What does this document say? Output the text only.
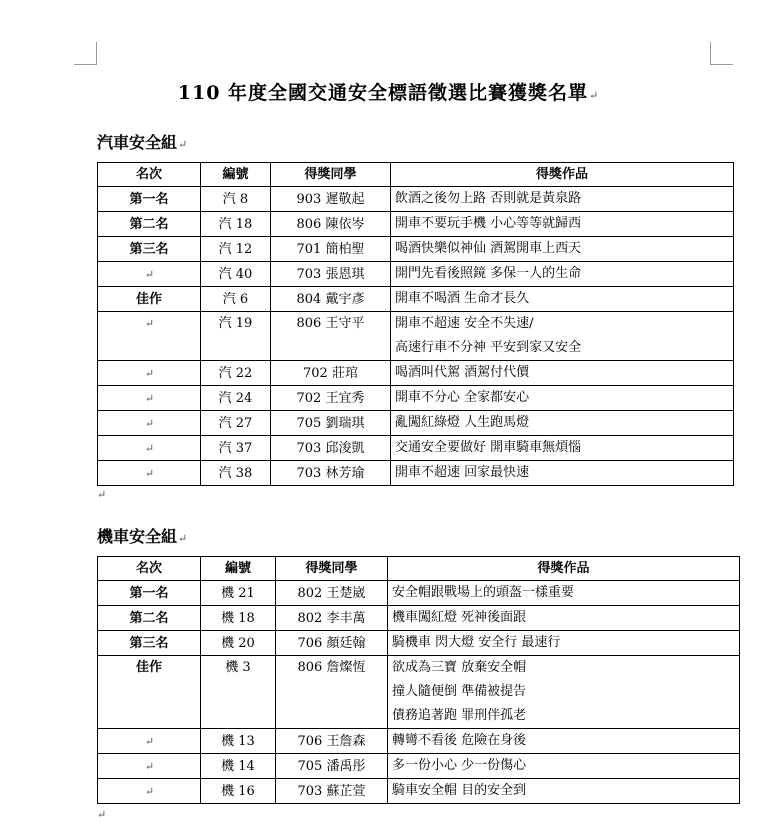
110 年度全國交通安全標語徵選比賽獲獎名單↵
汽車安全組↵
名次	編號	得獎同學	得獎作品
第一名	汽 8	903 遲敬起	飲酒之後勿上路 否則就是黃泉路

第二名	汽 18	806 陳依岑	開車不要玩手機 小心等等就歸西

第三名	汽 12	701 簡柏聖	喝酒快樂似神仙 酒駕開車上西天

↵	汽 40	703 張恩琪	開門先看後照鏡 多保一人的生命

佳作	汽 6	804 戴宇彥	開車不喝酒 生命才長久

↵	汽 19	806 王守平	開車不超速 安全不失速/
高速行車不分神 平安到家又安全

↵	汽 22	702 莊琯	喝酒叫代駕 酒駕付代價

↵	汽 24	702 王宜秀	開車不分心 全家都安心

↵	汽 27	705 劉瑞琪	亂闖紅綠燈 人生跑馬燈

↵	汽 37	703 邱浚凱	交通安全要做好 開車騎車無煩惱

↵	汽 38	703 林芳瑜	開車不超速 回家最快速
↵
機車安全組↵
名次	編號	得獎同學	得獎作品
第一名	機 21	802 王楚崴	安全帽跟戰場上的頭盔一樣重要

第二名	機 18	802 李丰萬	機車闖紅燈 死神後面跟

第三名	機 20	706 顏廷翰	騎機車 閃大燈 安全行 最速行

佳作	機 3	806 詹燦恆	欲成為三寶 放棄安全帽
撞人隨便倒 準備被提告
債務追著跑 罪刑伴孤老

↵	機 13	706 王詹森	轉彎不看後 危險在身後

↵	機 14	705 潘禹彤	多一份小心 少一份傷心

↵	機 16	703 蘇芷萱	騎車安全帽 目的安全到
↵
